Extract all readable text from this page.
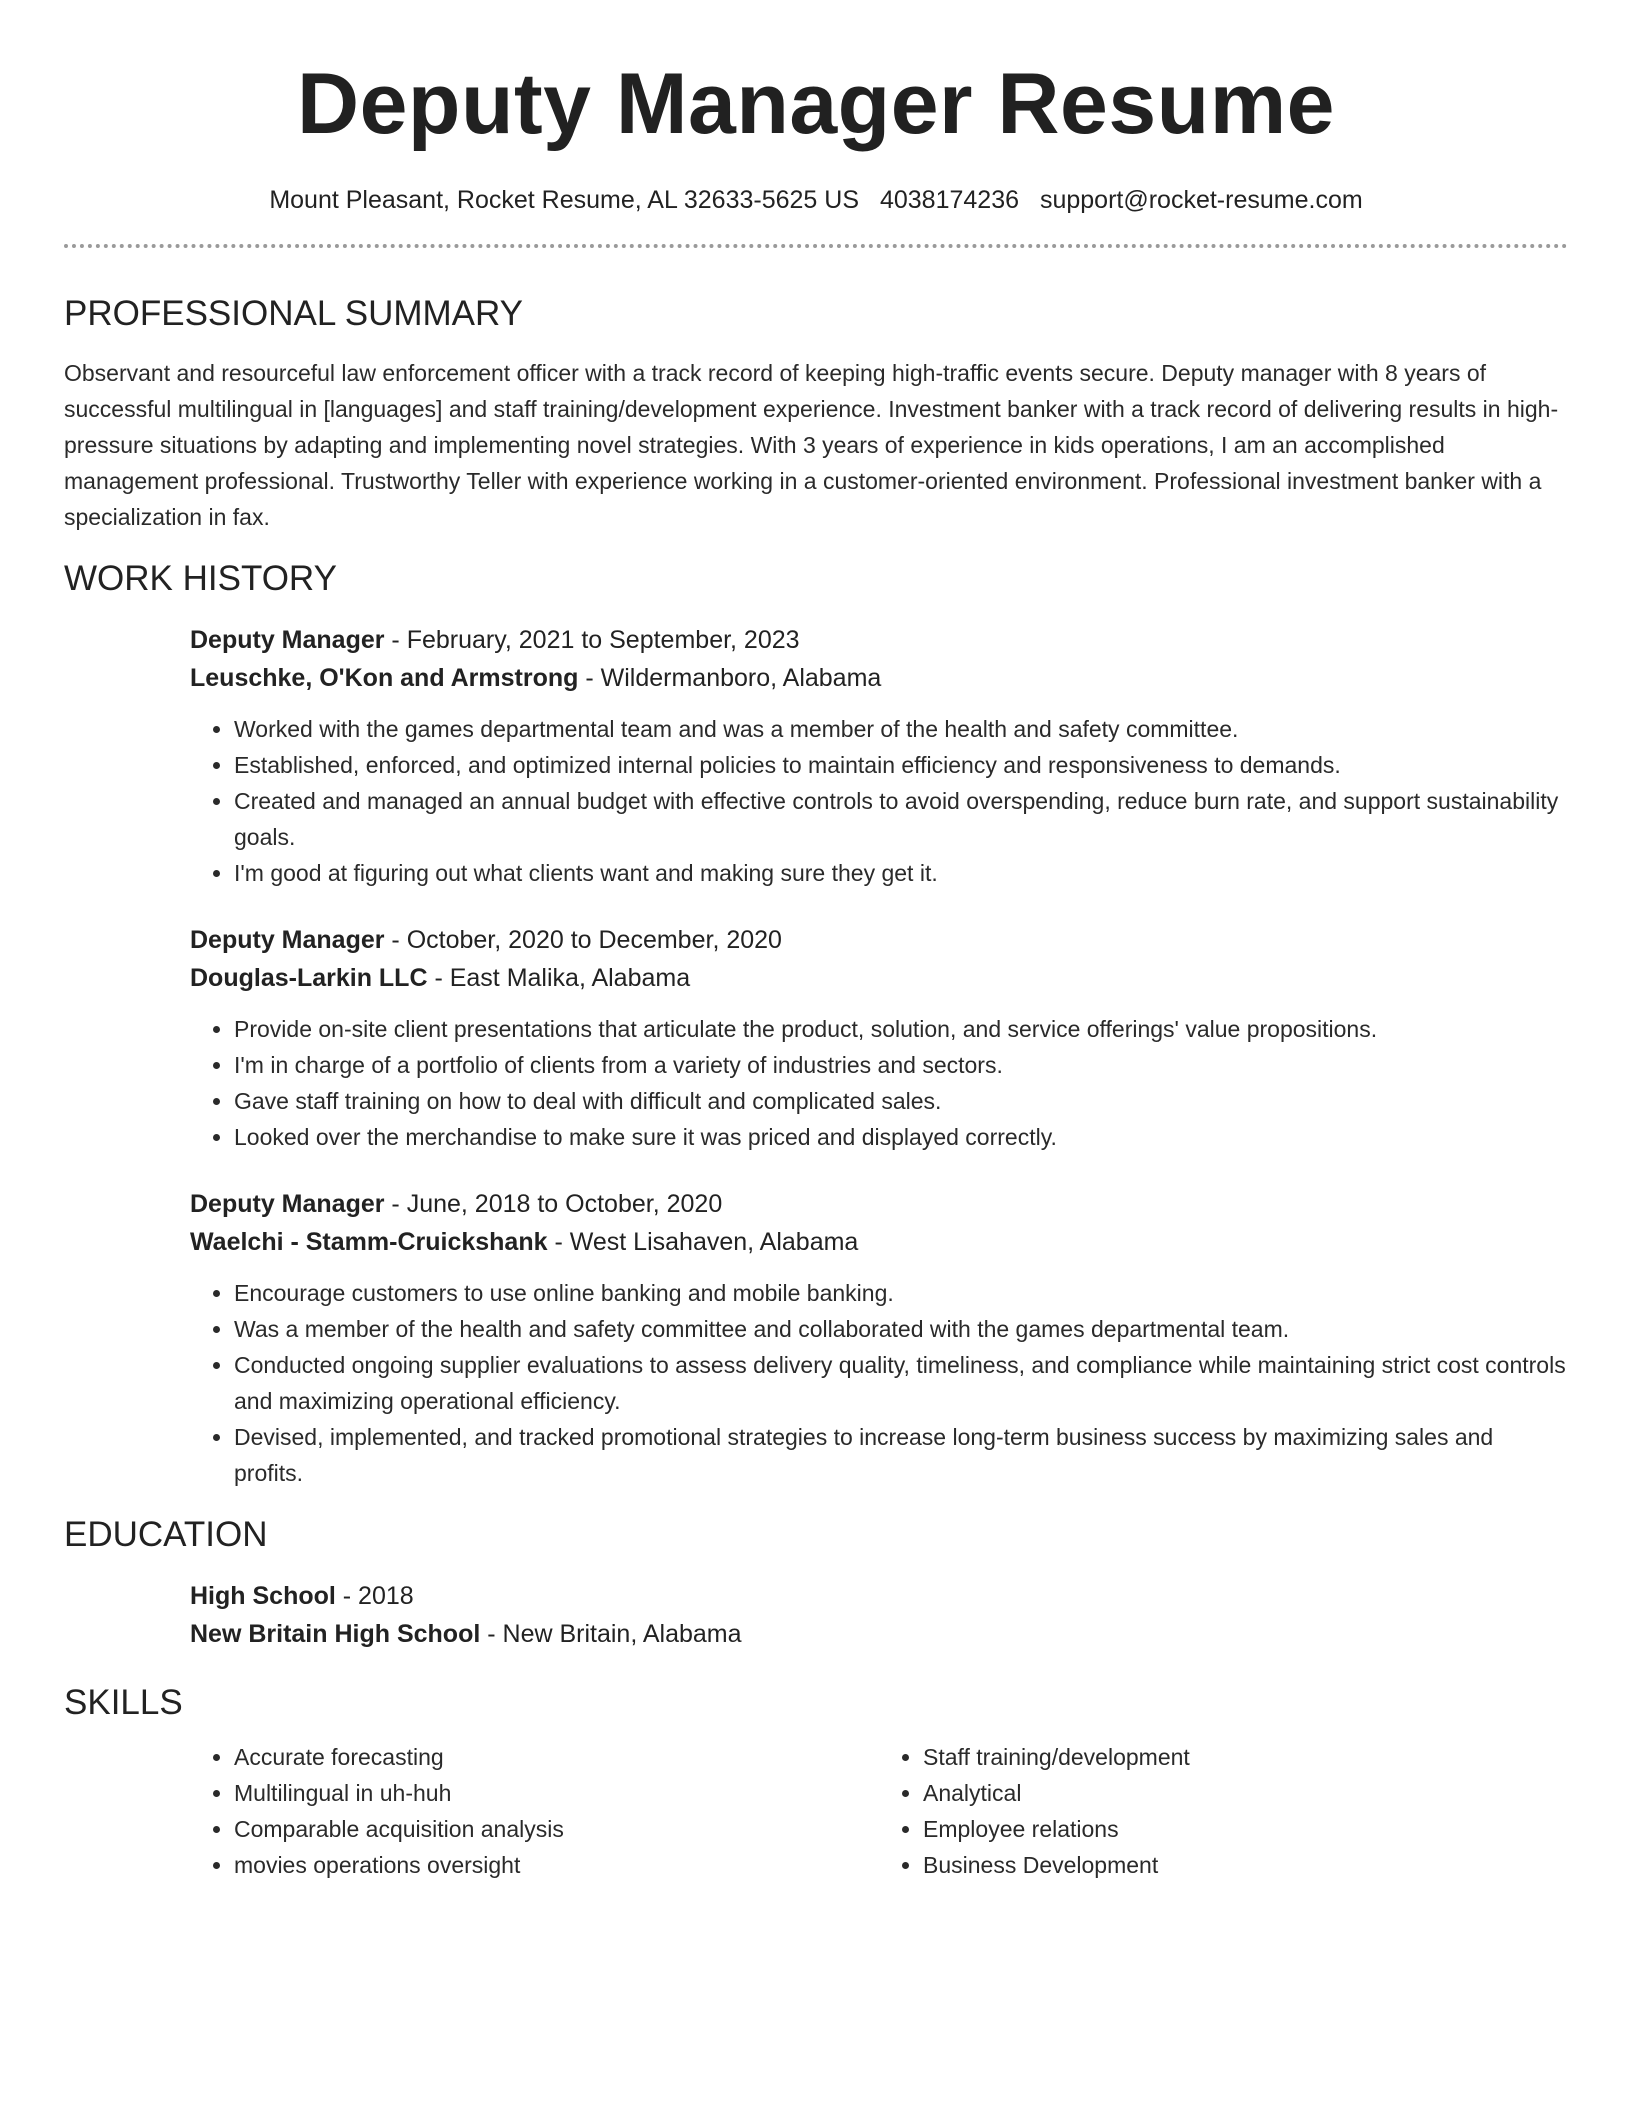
Deputy Manager Resume
Mount Pleasant, Rocket Resume, AL 32633-5625 US 4038174236 support@rocket-resume.com
PROFESSIONAL SUMMARY

Observant and resourceful law enforcement officer with a track record of keeping high-traffic events secure. Deputy manager with 8 years of successful multilingual in [languages] and staff training/development experience. Investment banker with a track record of delivering results in high-pressure situations by adapting and implementing novel strategies. With 3 years of experience in kids operations, I am an accomplished management professional. Trustworthy Teller with experience working in a customer-oriented environment. Professional investment banker with a specialization in fax.

WORK HISTORY
Deputy Manager - February, 2021 to September, 2023
Leuschke, O'Kon and Armstrong - Wildermanboro, Alabama
• Worked with the games departmental team and was a member of the health and safety committee.
• Established, enforced, and optimized internal policies to maintain efficiency and responsiveness to demands.
• Created and managed an annual budget with effective controls to avoid overspending, reduce burn rate, and support sustainability goals.
• I'm good at figuring out what clients want and making sure they get it.
Deputy Manager - October, 2020 to December, 2020
Douglas-Larkin LLC - East Malika, Alabama
• Provide on-site client presentations that articulate the product, solution, and service offerings' value propositions.
• I'm in charge of a portfolio of clients from a variety of industries and sectors.
• Gave staff training on how to deal with difficult and complicated sales.
• Looked over the merchandise to make sure it was priced and displayed correctly.
Deputy Manager - June, 2018 to October, 2020
Waelchi - Stamm-Cruickshank - West Lisahaven, Alabama
• Encourage customers to use online banking and mobile banking.
• Was a member of the health and safety committee and collaborated with the games departmental team.
• Conducted ongoing supplier evaluations to assess delivery quality, timeliness, and compliance while maintaining strict cost controls and maximizing operational efficiency.
• Devised, implemented, and tracked promotional strategies to increase long-term business success by maximizing sales and profits.
EDUCATION
High School - 2018
New Britain High School - New Britain, Alabama
SKILLS
• Accurate forecasting
• Multilingual in uh-huh
• Comparable acquisition analysis
• movies operations oversight
• Staff training/development
• Analytical
• Employee relations
• Business Development
